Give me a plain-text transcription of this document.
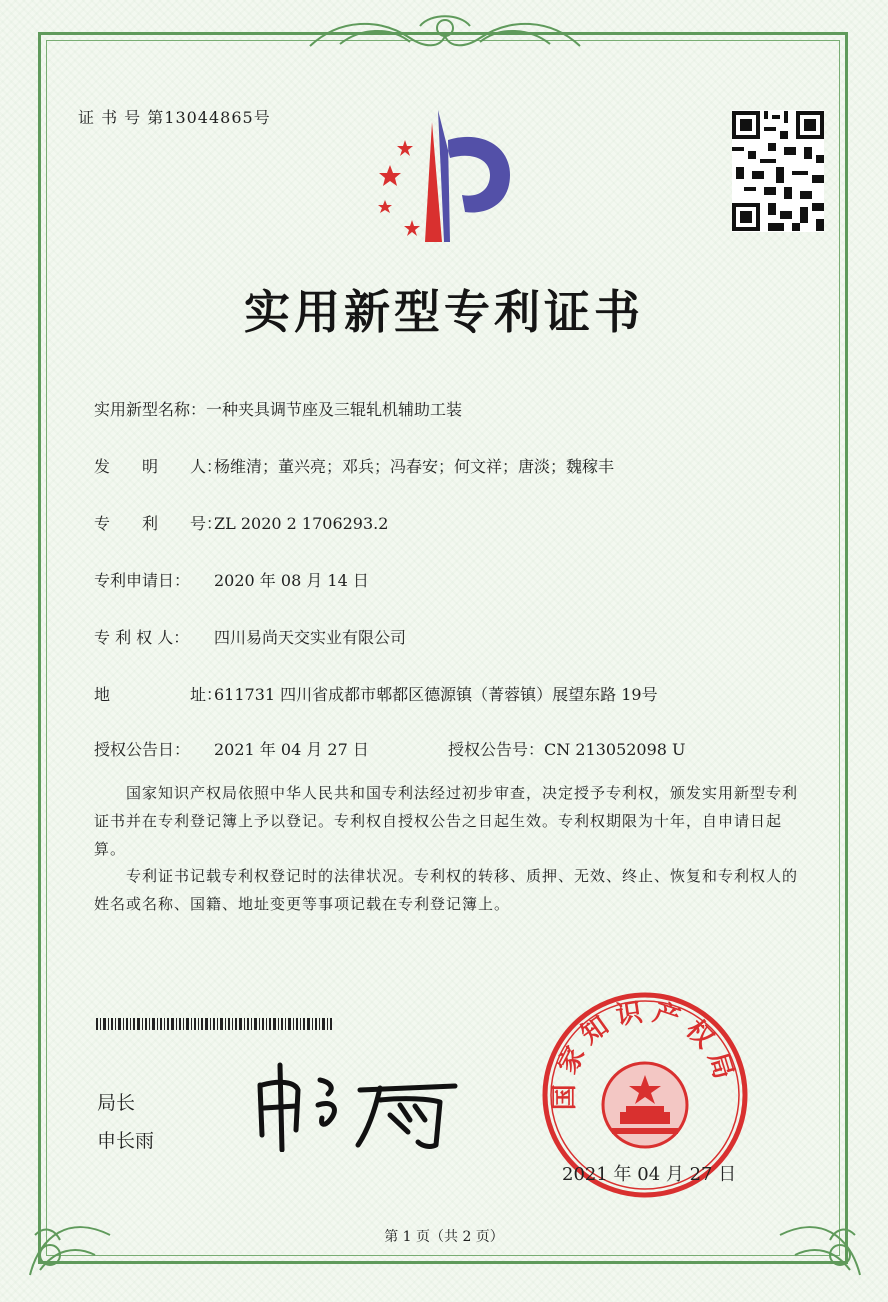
证 书 号 第13044865号
实用新型专利证书
实用新型名称：一种夹具调节座及三辊轧机辅助工装
发　　明　　人：杨维清；董兴亮；邓兵；冯春安；何文祥；唐淡；魏稼丰
专　　利　　号：ZL 2020 2 1706293.2
专利申请日： 2020 年 08 月 14 日
专 利 权 人： 四川易尚天交实业有限公司
地　　　　　址：
611731 四川省成都市郫都区德源镇（菁蓉镇）展望东路 19号
授权公告日： 2021 年 04 月 27 日	授权公告号：CN 213052098 U
国家知识产权局依照中华人民共和国专利法经过初步审查，决定授予专利权，颁发实用新型专利证书并在专利登记簿上予以登记。专利权自授权公告之日起生效。专利权期限为十年，自申请日起算。
专利证书记载专利权登记时的法律状况。专利权的转移、质押、无效、终止、恢复和专利权人的姓名或名称、国籍、地址变更等事项记载在专利登记簿上。
局长
申长雨
国家知识产权局
2021 年 04 月 27 日
第 1 页（共 2 页）
